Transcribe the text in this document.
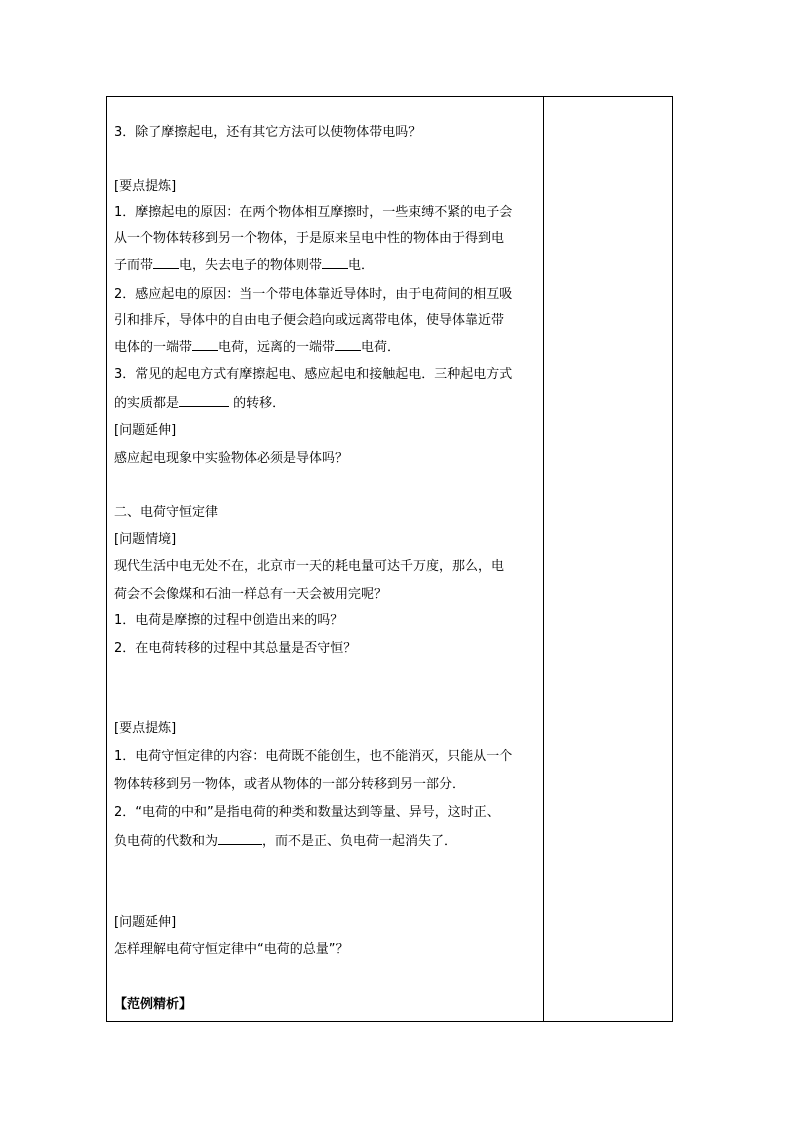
3．除了摩擦起电，还有其它方法可以使物体带电吗？
[要点提炼]
1．摩擦起电的原因：在两个物体相互摩擦时，一些束缚不紧的电子会
从一个物体转移到另一个物体，于是原来呈电中性的物体由于得到电
子而带 电，失去电子的物体则带 电．
2．感应起电的原因：当一个带电体靠近导体时，由于电荷间的相互吸
引和排斥，导体中的自由电子便会趋向或远离带电体，使导体靠近带
电体的一端带 电荷，远离的一端带 电荷．
3．常见的起电方式有摩擦起电、感应起电和接触起电．三种起电方式
的实质都是	的转移．
[问题延伸]
感应起电现象中实验物体必须是导体吗？
二、电荷守恒定律
[问题情境]
现代生活中电无处不在，北京市一天的耗电量可达千万度，那么，电
荷会不会像煤和石油一样总有一天会被用完呢？
1．电荷是摩擦的过程中创造出来的吗？
2．在电荷转移的过程中其总量是否守恒？
[要点提炼]
1．电荷守恒定律的内容：电荷既不能创生，也不能消灭，只能从一个
物体转移到另一物体，或者从物体的一部分转移到另一部分．
2．“电荷的中和”是指电荷的种类和数量达到等量、异号，这时正、
负电荷的代数和为	，而不是正、负电荷一起消失了．
[问题延伸]
怎样理解电荷守恒定律中“电荷的总量”？
【范例精析】
